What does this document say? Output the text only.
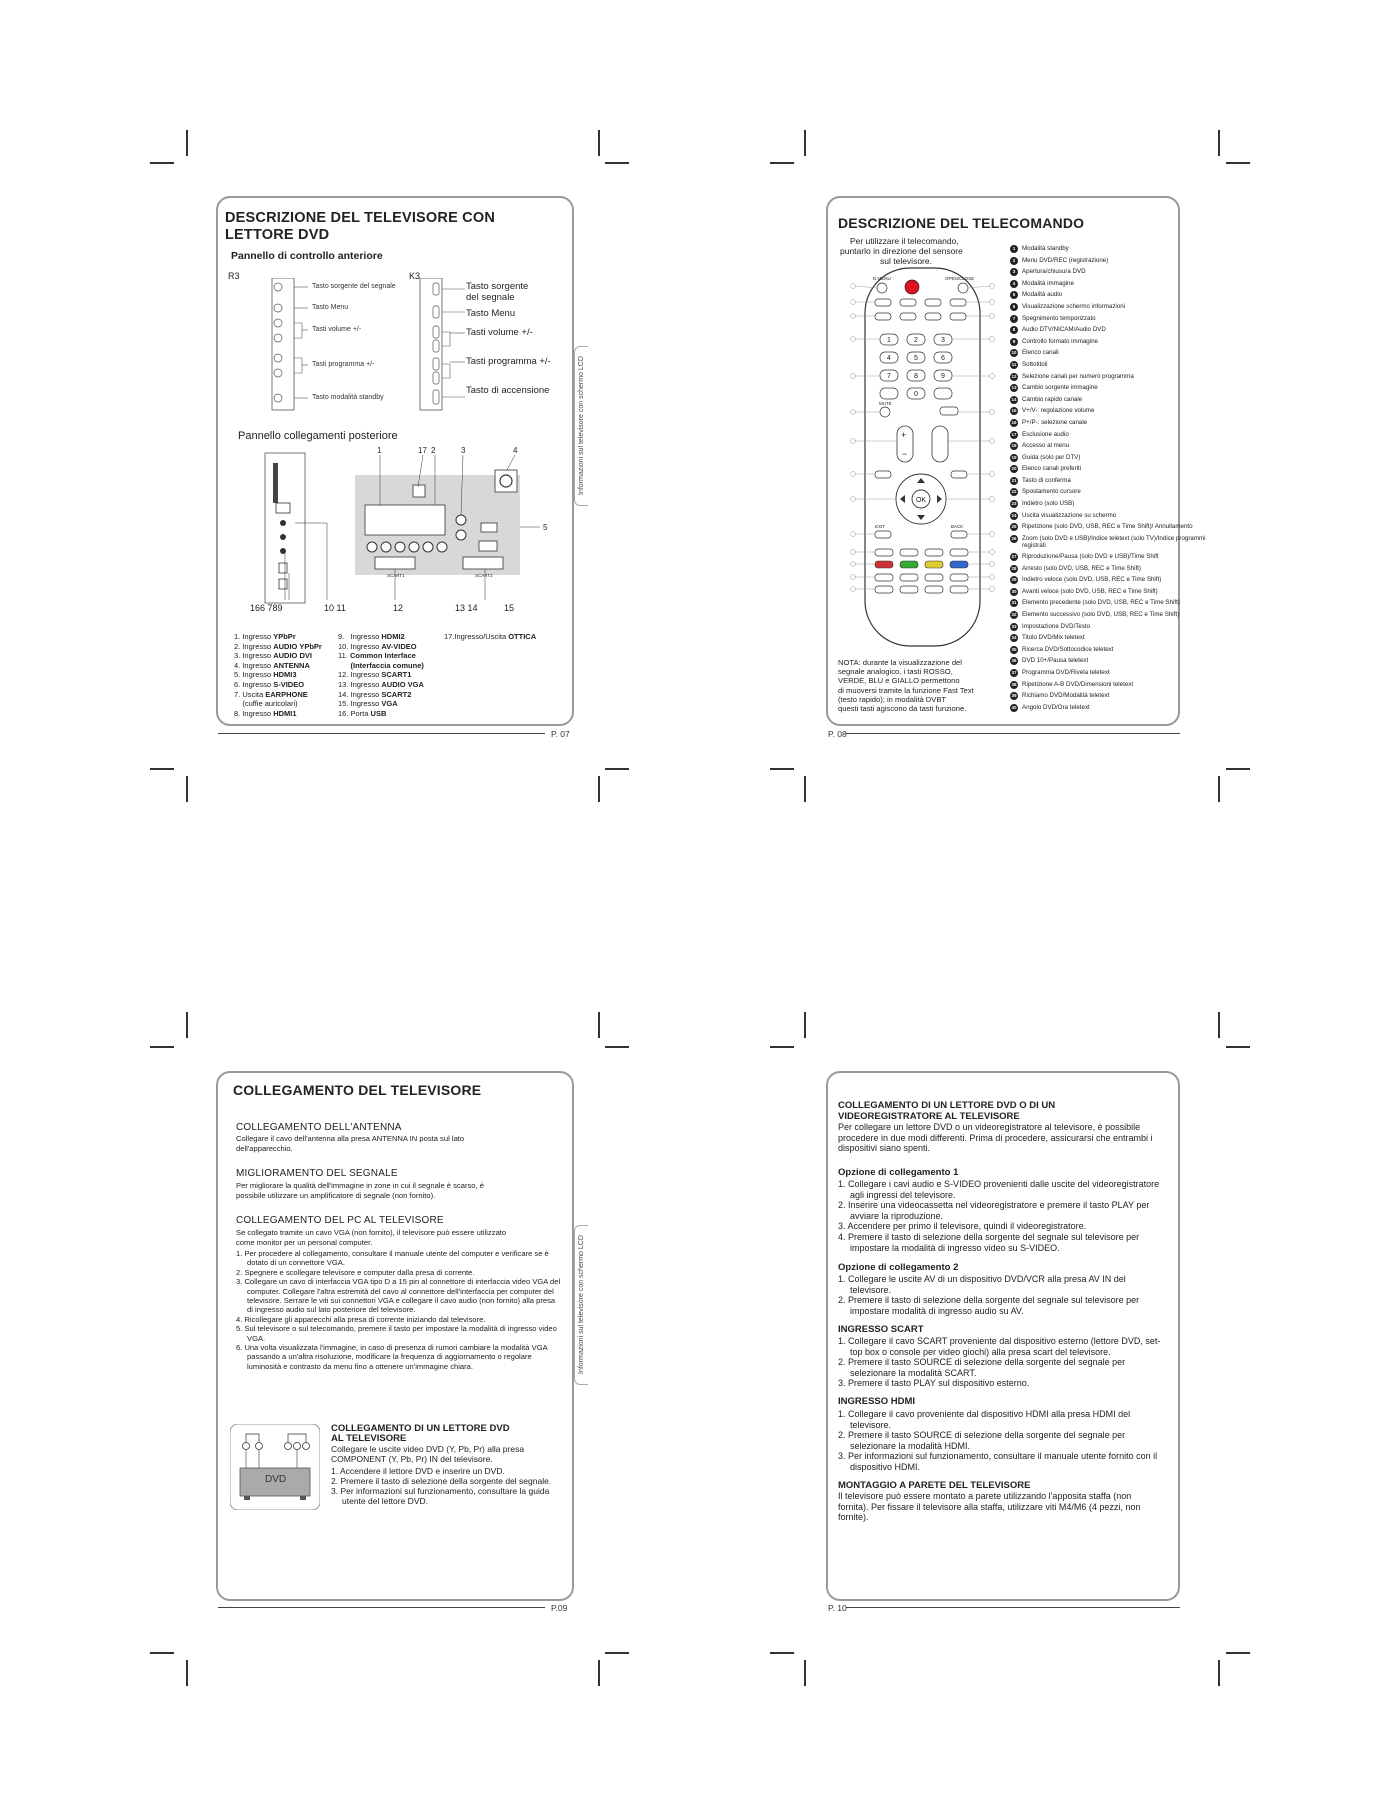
DESCRIZIONE DEL TELEVISORE CON
LETTORE DVD
Pannello di controllo anteriore
R3	K3
Tasto sorgente del segnale
Tasto Menu
Tasti volume +/-
Tasti programma +/-
Tasto modalità standby
Tasto sorgente
del segnale
Tasto Menu
Tasti volume +/-
Tasti programma +/-
Tasto di accensione
Pannello collegamenti posteriore
1	17 2	3	4
SCART1	SCART2
5
166 789	10 11	12	13 14	15
1. Ingresso YPbPr
2. Ingresso AUDIO YPbPr
3. Ingresso AUDIO DVI
4. Ingresso ANTENNA
5. Ingresso HDMI3
6. Ingresso S-VIDEO
7. Uscita EARPHONE
(cuffie auricolari)
8. Ingresso HDMI1
9.   Ingresso HDMI2
10. Ingresso AV-VIDEO
11. Common Interface
(Interfaccia comune)
12. Ingresso SCART1
13. Ingresso AUDIO VGA
14. Ingresso SCART2
15. Ingresso VGA
16. Porta USB
17.Ingresso/Uscita OTTICA
Informazioni sul televisore con schermo LCD
P. 07
DESCRIZIONE DEL TELECOMANDO
Per utilizzare il telecomando,
puntarlo in direzione del sensore
sul televisore.
D.MENU	OPEN/CLOSE
1	2	3
4	5	6
7	8	9
0
MUTE
+
−
OK
EXIT	BACK
1	Modalità standby
2	Menu DVD/REC (registrazione)
3	Apertura/chiusura DVD
4	Modalità immagine
5	Modalità audio
6	Visualizzazione schermo informazioni
7	Spegnimento temporizzato
8	Audio DTV/NICAM/Audio DVD
9	Controllo formato immagine
10 Elenco canali
11 Sottotitoli
12 Selezione canali per numero programma
13 Cambio sorgente immagine
14 Cambio rapido canale
15 V+/V-: regolazione volume
16 P+/P-: selezione canale
17 Esclusione audio
18 Accesso al menu
19 Guida (solo per DTV)
20 Elenco canali preferiti
21 Tasto di conferma
22 Spostamento cursore
23 Indietro (solo USB)
24 Uscita visualizzazione su schermo
25 Ripetizione (solo DVD, USB, REC e Time Shift)/ Annullamento
26 Zoom (solo DVD e USB)/Indice teletext (solo TV)/Indice programmi registrati
27 Riproduzione/Pausa (solo DVD e USB)/Time Shift
28 Arresto (solo DVD, USB, REC e Time Shift)
29 Indietro veloce (solo DVD, USB, REC e Time Shift)
30 Avanti veloce (solo DVD, USB, REC e Time Shift)
31 Elemento precedente (solo DVD, USB, REC e Time Shift)
32 Elemento successivo (solo DVD, USB, REC e Time Shift)
33 Impostazione DVD/Testo
34 Titolo DVD/Mix teletext
35 Ricerca DVD/Sottocodice teletext
36 DVD 10+/Pausa teletext
37 Programma DVD/Rivela teletext
38 Ripetizione A-B DVD/Dimensioni teletext
39 Richiamo DVD/Modalità teletext
40 Angolo DVD/Ora teletext
NOTA: durante la visualizzazione del
segnale analogico, i tasti ROSSO,
VERDE, BLU e GIALLO permettono
di muoversi tramite la funzione Fast Text
(testo rapido); in modalità DVBT
questi tasti agiscono da tasti funzione.
P. 08
COLLEGAMENTO DEL TELEVISORE
COLLEGAMENTO DELL'ANTENNA
Collegare il cavo dell'antenna alla presa ANTENNA IN posta sul lato
dell'apparecchio.
MIGLIORAMENTO DEL SEGNALE
Per migliorare la qualità dell'immagine in zone in cui il segnale è scarso, è
possibile utilizzare un amplificatore di segnale (non fornito).
COLLEGAMENTO DEL PC AL TELEVISORE
Se collegato tramite un cavo VGA (non fornito), il televisore può essere utilizzato
come monitor per un personal computer.
1. Per procedere al collegamento, consultare il manuale utente del computer e verificare se è dotato di un connettore VGA.
2. Spegnere e scollegare televisore e computer dalla presa di corrente.
3. Collegare un cavo di interfaccia VGA tipo D a 15 pin al connettore di interfaccia video VGA del computer. Collegare l'altra estremità del cavo al connettore dell'interfaccia per computer del televisore. Serrare le viti sui connettori VGA e collegare il cavo audio (non fornito) alla presa di ingresso audio sul lato posteriore del televisore.
4. Ricollegare gli apparecchi alla presa di corrente iniziando dal televisore.
5. Sul televisore o sul telecomando, premere il tasto per impostare la modalità di ingresso video VGA.
6. Una volta visualizzata l'immagine, in caso di presenza di rumori cambiare la modalità VGA passando a un'altra risoluzione, modificare la frequenza di aggiornamento o regolare luminosità e contrasto da menu fino a ottenere un'immagine chiara.
DVD
COLLEGAMENTO DI UN LETTORE DVD
AL TELEVISORE
Collegare le uscite video DVD (Y, Pb, Pr) alla presa
COMPONENT (Y, Pb, Pr) IN del televisore.
1. Accendere il lettore DVD e inserire un DVD.
2. Premere il tasto di selezione della sorgente del segnale.
3. Per informazioni sul funzionamento, consultare la guida utente del lettore DVD.
Informazioni sul televisore con schermo LCD
P.09
COLLEGAMENTO DI UN LETTORE DVD O DI UN
VIDEOREGISTRATORE AL TELEVISORE
Per collegare un lettore DVD o un videoregistratore al televisore, è possibile procedere in due modi differenti. Prima di procedere, assicurarsi che entrambi i dispositivi siano spenti.
Opzione di collegamento 1
1. Collegare i cavi audio e S-VIDEO provenienti dalle uscite del videoregistratore agli ingressi del televisore.
2. Inserire una videocassetta nel videoregistratore e premere il tasto PLAY per avviare la riproduzione.
3. Accendere per primo il televisore, quindi il videoregistratore.
4. Premere il tasto di selezione della sorgente del segnale sul televisore per impostare la modalità di ingresso video su S-VIDEO.
Opzione di collegamento 2
1. Collegare le uscite AV di un dispositivo DVD/VCR alla presa AV IN del televisore.
2. Premere il tasto di selezione della sorgente del segnale sul televisore per impostare modalità di ingresso audio su AV.
INGRESSO SCART
1. Collegare il cavo SCART proveniente dal dispositivo esterno (lettore DVD, set-top box o console per video giochi) alla presa scart del televisore.
2. Premere il tasto SOURCE di selezione della sorgente del segnale per selezionare la modalità SCART.
3. Premere il tasto PLAY sul dispositivo esterno.
INGRESSO HDMI
1. Collegare il cavo proveniente dal dispositivo HDMI alla presa HDMI del televisore.
2. Premere il tasto SOURCE di selezione della sorgente del segnale per selezionare la modalità HDMI.
3. Per informazioni sul funzionamento, consultare il manuale utente fornito con il dispositivo HDMI.
MONTAGGIO A PARETE DEL TELEVISORE
Il televisore può essere montato a parete utilizzando l'apposita staffa (non fornita). Per fissare il televisore alla staffa, utilizzare viti M4/M6 (4 pezzi, non fornite).
P. 10
